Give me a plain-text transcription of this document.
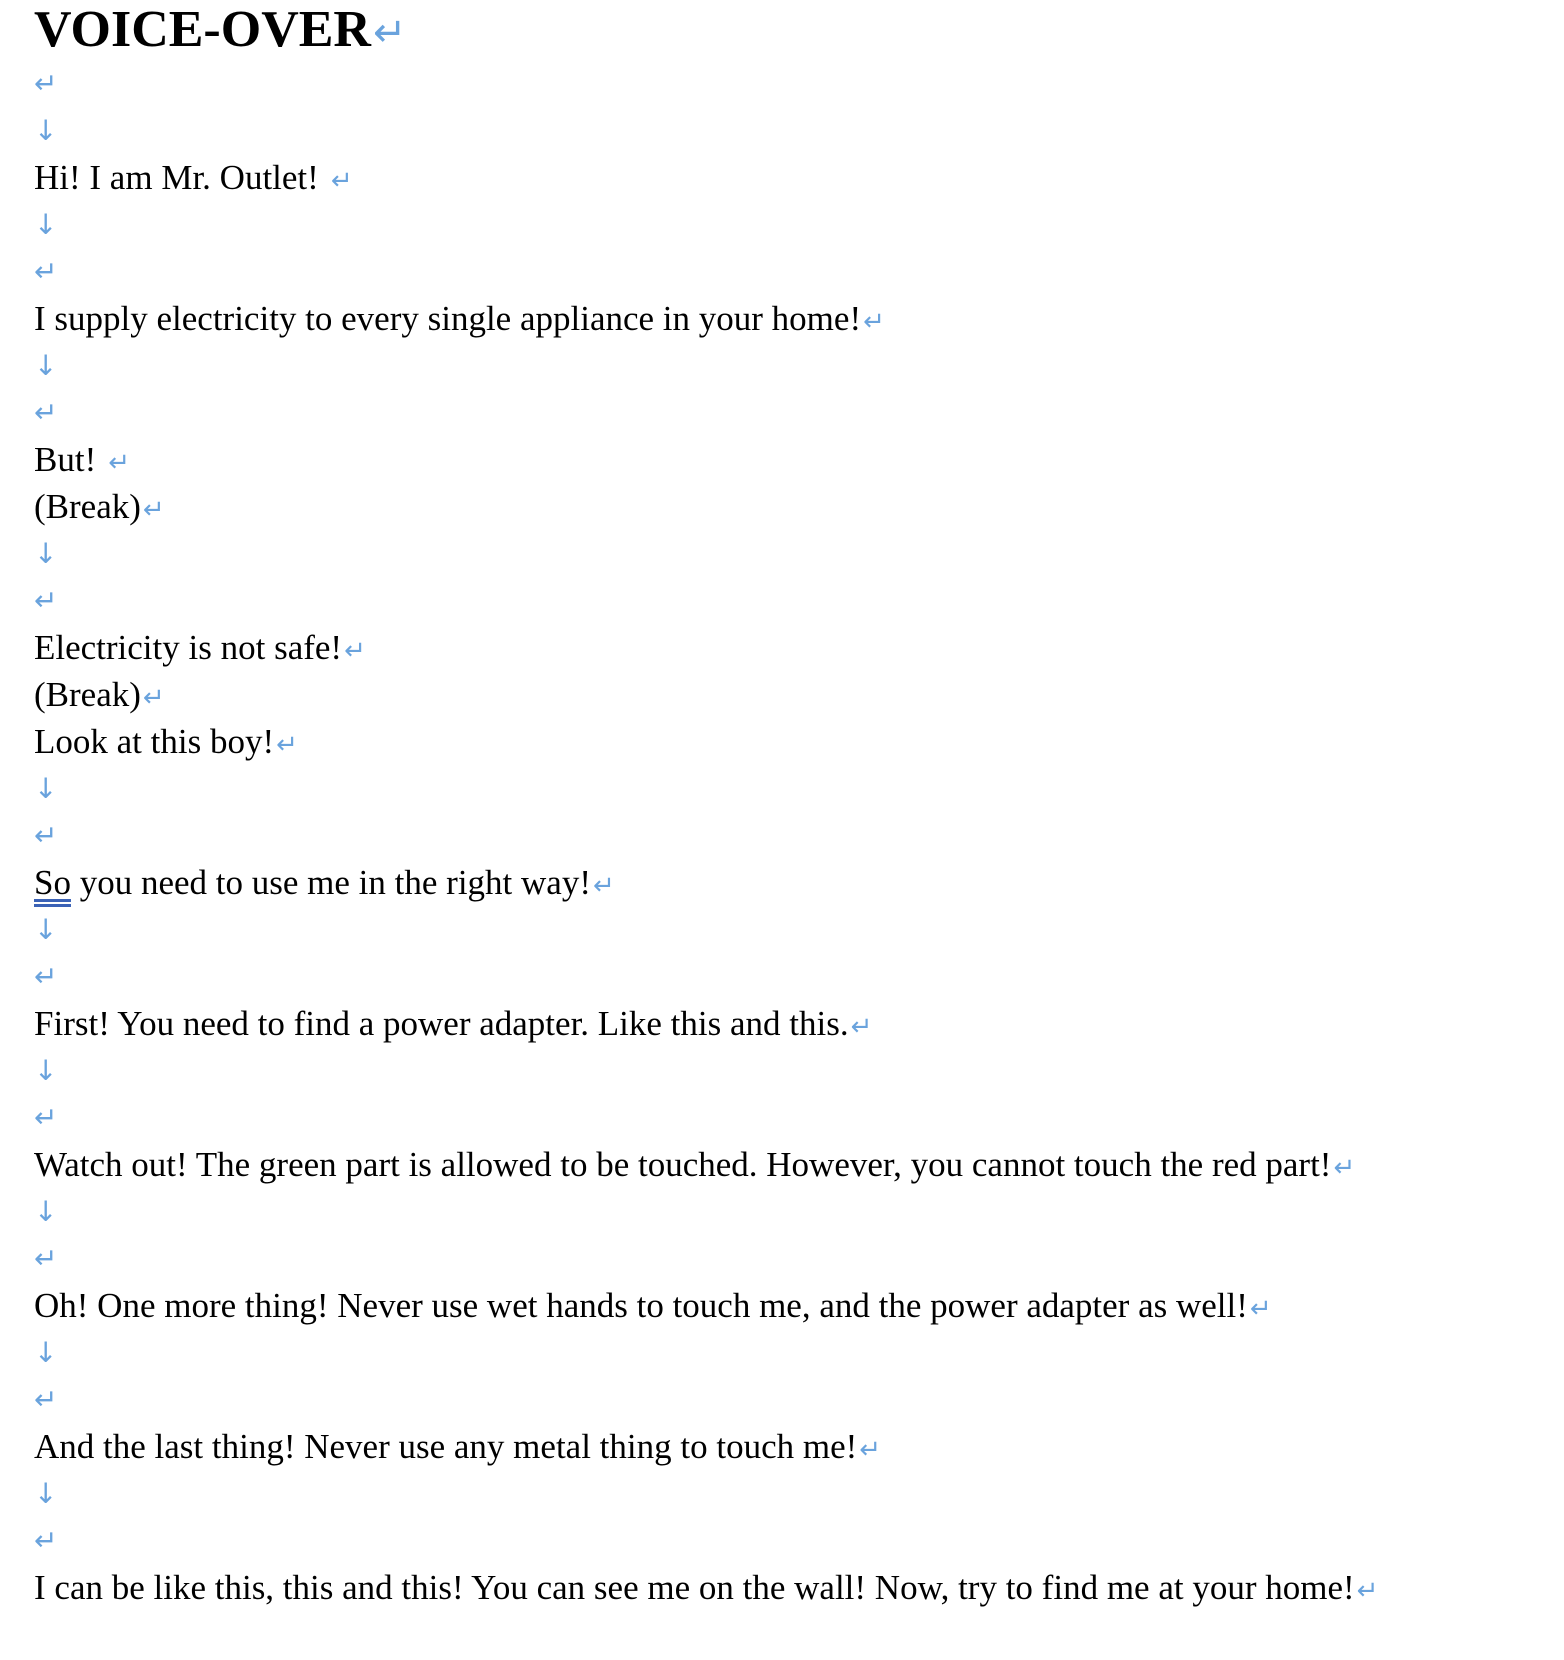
VOICE-OVER↵
↵
↓
Hi! I am Mr. Outlet! ↵
↓
↵
I supply electricity to every single appliance in your home!↵
↓
↵
But! ↵
(Break)↵
↓
↵
Electricity is not safe!↵
(Break)↵
Look at this boy!↵
↓
↵
So you need to use me in the right way!↵
↓
↵
First! You need to find a power adapter. Like this and this.↵
↓
↵
Watch out! The green part is allowed to be touched. However, you cannot touch the red part!↵
↓
↵
Oh! One more thing! Never use wet hands to touch me, and the power adapter as well!↵
↓
↵
And the last thing! Never use any metal thing to touch me!↵
↓
↵
I can be like this, this and this! You can see me on the wall! Now, try to find me at your home!↵
